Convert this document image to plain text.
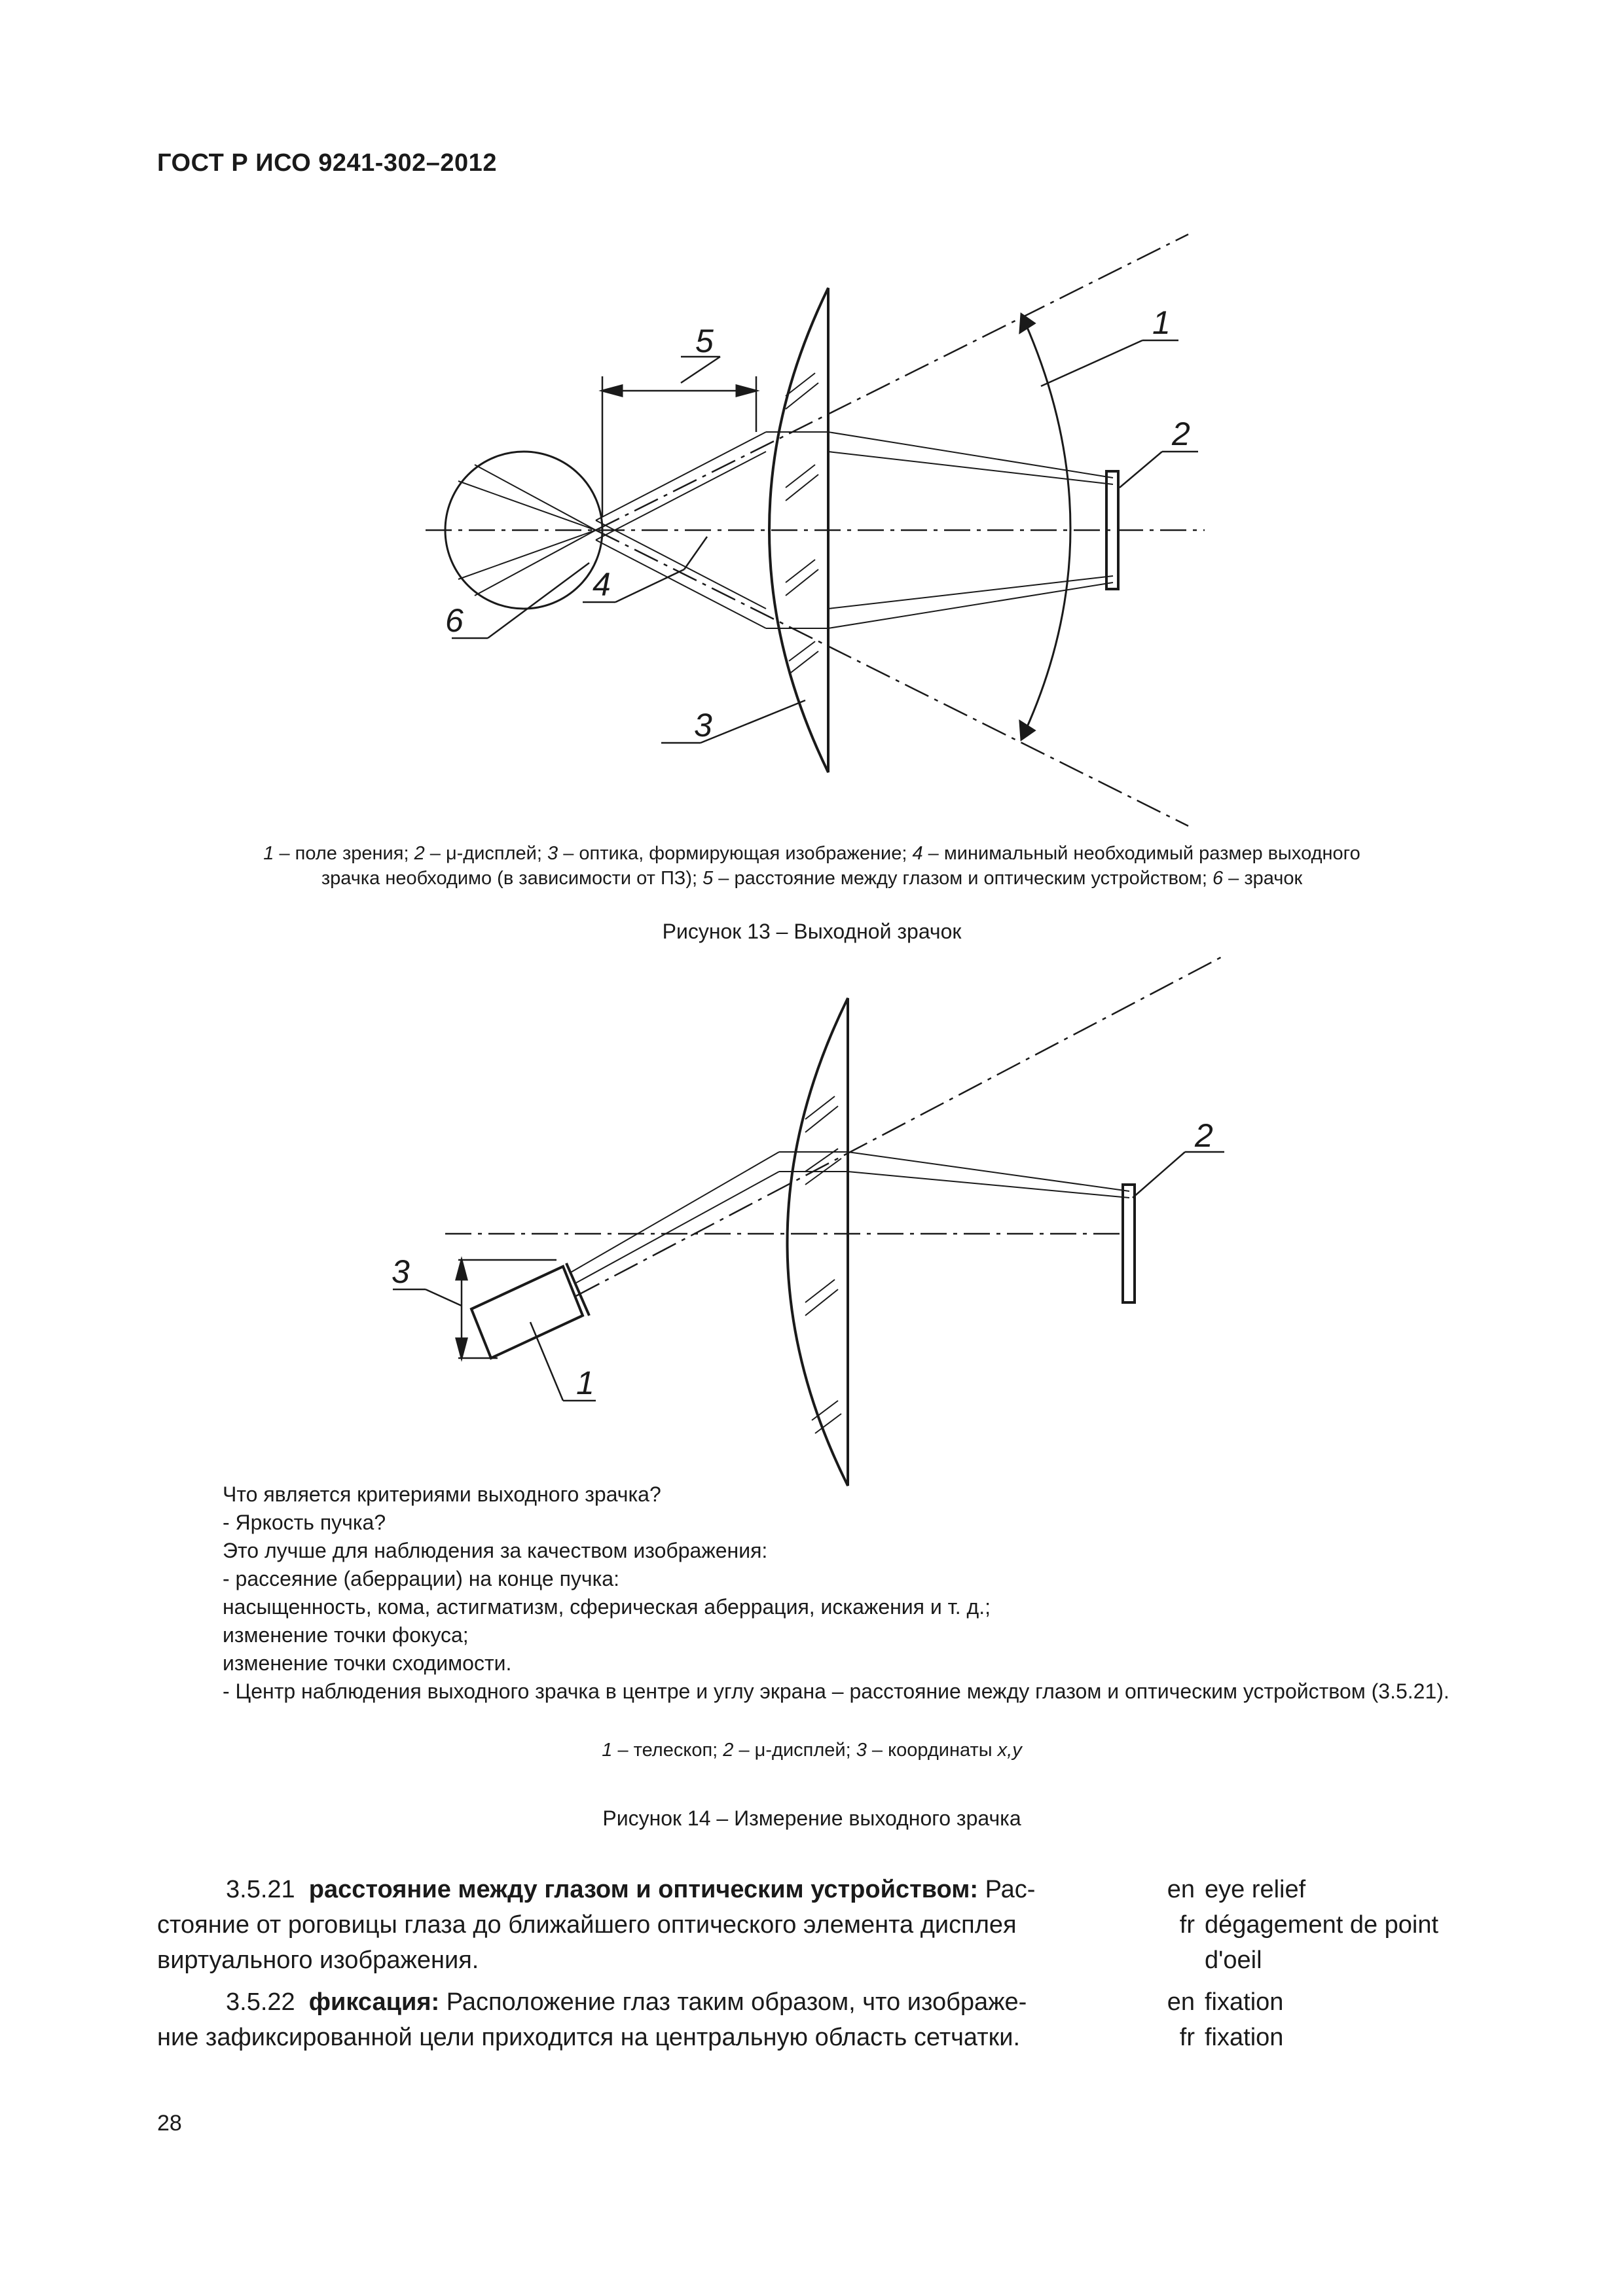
ГОСТ Р ИСО 9241-302–2012
5	1
2
4
6
3
1 – поле зрения; 2 – μ-дисплей; 3 – оптика, формирующая изображение; 4 – минимальный необходимый размер выходного
зрачка необходимо (в зависимости от ПЗ); 5 – расстояние между глазом и оптическим устройством; 6 – зрачок
Рисунок 13 – Выходной зрачок
2
3
1
Что является критериями выходного зрачка?
- Яркость пучка?
Это лучше для наблюдения за качеством изображения:
- рассеяние (аберрации) на конце пучка:
насыщенность, кома, астигматизм, сферическая аберрация, искажения и т. д.;
изменение точки фокуса;
изменение точки сходимости.
- Центр наблюдения выходного зрачка в центре и углу экрана – расстояние между глазом и оптическим устройством (3.5.21).
1 – телескоп; 2 – μ-дисплей; 3 – координаты x,y
Рисунок 14 – Измерение выходного зрачка
3.5.21 расстояние между глазом и оптическим устройством: Рас-
стояние от роговицы глаза до ближайшего оптического элемента дисплея
виртуального изображения.
en
fr

eye relief
dégagement de point
d'oeil
3.5.22 фиксация: Расположение глаз таким образом, что изображе-
ние зафиксированной цели приходится на центральную область сетчатки.
en
fr
fixation
fixation
28
